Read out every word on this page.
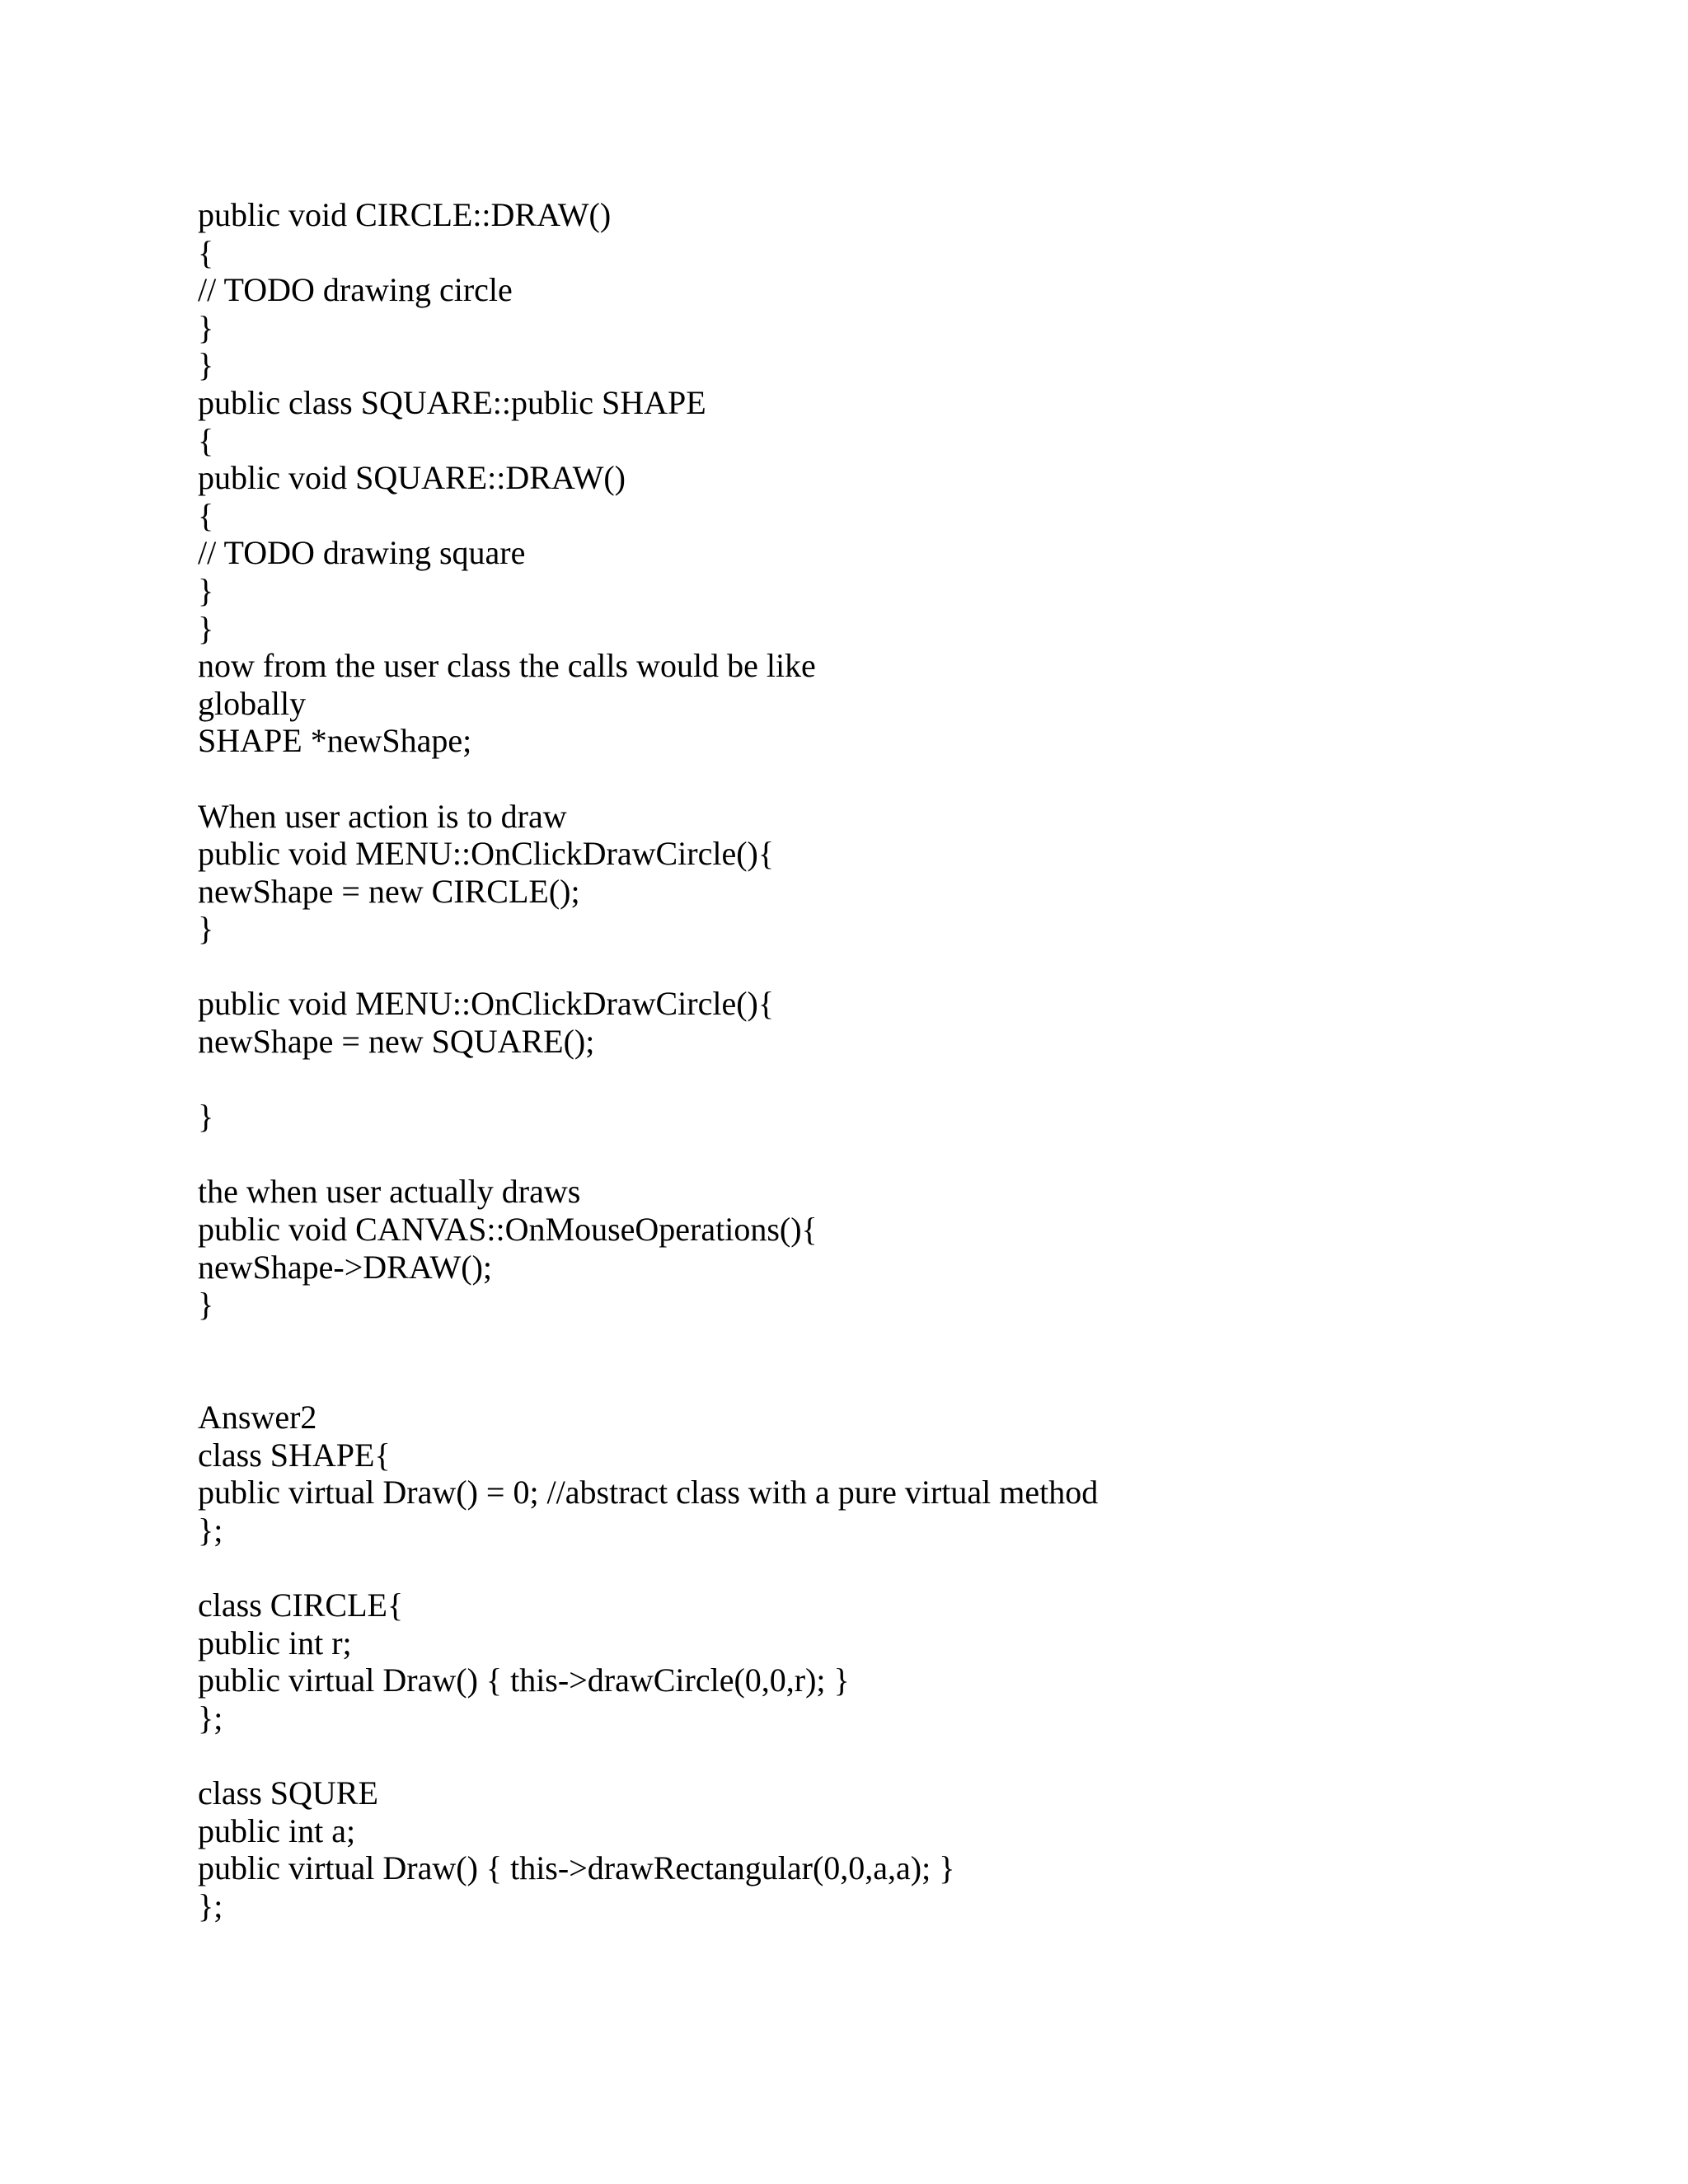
public void CIRCLE::DRAW()
{
// TODO drawing circle
}
}
public class SQUARE::public SHAPE
{
public void SQUARE::DRAW()
{
// TODO drawing square
}
}
now from the user class the calls would be like
globally
SHAPE *newShape;
When user action is to draw
public void MENU::OnClickDrawCircle(){
newShape = new CIRCLE();
}
public void MENU::OnClickDrawCircle(){
newShape = new SQUARE();
}
the when user actually draws
public void CANVAS::OnMouseOperations(){
newShape->DRAW();
}
Answer2
class SHAPE{
public virtual Draw() = 0; //abstract class with a pure virtual method
};
class CIRCLE{
public int r;
public virtual Draw() { this->drawCircle(0,0,r); }
};
class SQURE
public int a;
public virtual Draw() { this->drawRectangular(0,0,a,a); }
};
